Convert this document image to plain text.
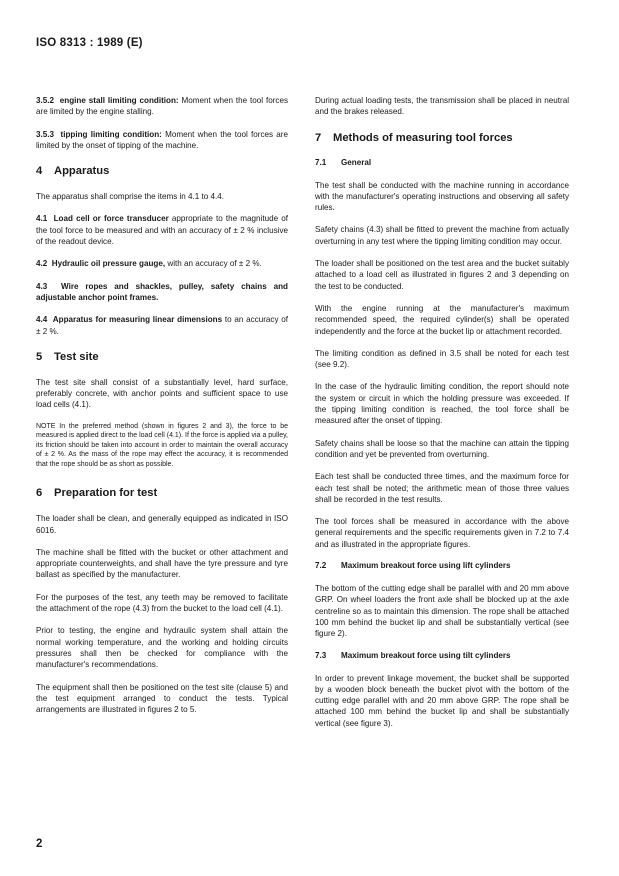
ISO 8313 : 1989 (E)

3.5.2 engine stall limiting condition: Moment when the tool forces are limited by the engine stalling.

3.5.3 tipping limiting condition: Moment when the tool forces are limited by the onset of tipping of the machine.

4 Apparatus

The apparatus shall comprise the items in 4.1 to 4.4.

4.1 Load cell or force transducer appropriate to the magnitude of the tool force to be measured and with an accuracy of ± 2 % inclusive of the readout device.

4.2 Hydraulic oil pressure gauge, with an accuracy of ± 2 %.

4.3 Wire ropes and shackles, pulley, safety chains and adjustable anchor point frames.

4.4 Apparatus for measuring linear dimensions to an accuracy of ± 2 %.

5 Test site

The test site shall consist of a substantially level, hard surface, preferably concrete, with anchor points and sufficient space to use load cells (4.1).

NOTE In the preferred method (shown in figures 2 and 3), the force to be measured is applied direct to the load cell (4.1). If the force is applied via a pulley, its friction should be taken into account in order to maintain the overall accuracy of ± 2 %. As the mass of the rope may effect the accuracy, it is recommended that the rope should be as short as possible.

6 Preparation for test

The loader shall be clean, and generally equipped as indicated in ISO 6016.

The machine shall be fitted with the bucket or other attachment and appropriate counterweights, and shall have the tyre pressure and tyre ballast as specified by the manufacturer.

For the purposes of the test, any teeth may be removed to facilitate the attachment of the rope (4.3) from the bucket to the load cell (4.1).

Prior to testing, the engine and hydraulic system shall attain the normal working temperature, and the working and holding circuits pressures shall then be checked for compliance with the manufacturer's recommendations.

The equipment shall then be positioned on the test site (clause 5) and the test equipment arranged to conduct the tests. Typical arrangements are illustrated in figures 2 to 5.

During actual loading tests, the transmission shall be placed in neutral and the brakes released.

7 Methods of measuring tool forces
7.1 General

The test shall be conducted with the machine running in accordance with the manufacturer's operating instructions and observing all safety rules.

Safety chains (4.3) shall be fitted to prevent the machine from actually overturning in any test where the tipping limiting condition may occur.

The loader shall be positioned on the test area and the bucket suitably attached to a load cell as illustrated in figures 2 and 3 depending on the test to be conducted.

With the engine running at the manufacturer's maximum recommended speed, the required cylinder(s) shall be operated independently and the force at the bucket lip or attachment recorded.

The limiting condition as defined in 3.5 shall be noted for each test (see 9.2).

In the case of the hydraulic limiting condition, the report should note the system or circuit in which the holding pressure was exceeded. If the tipping limiting condition is reached, the tool force shall be measured after the onset of tipping.

Safety chains shall be loose so that the machine can attain the tipping condition and yet be prevented from overturning.

Each test shall be conducted three times, and the maximum force for each test shall be noted; the arithmetic mean of those three values shall be recorded in the test results.

The tool forces shall be measured in accordance with the above general requirements and the specific requirements given in 7.2 to 7.4 and as illustrated in the appropriate figures.

7.2 Maximum breakout force using lift cylinders

The bottom of the cutting edge shall be parallel with and 20 mm above GRP. On wheel loaders the front axle shall be blocked up at the axle centreline so as to maintain this dimension. The rope shall be attached 100 mm behind the bucket lip and shall be substantially vertical (see figure 2).

7.3 Maximum breakout force using tilt cylinders

In order to prevent linkage movement, the bucket shall be supported by a wooden block beneath the bucket pivot with the bottom of the cutting edge parallel with and 20 mm above GRP. The rope shall be attached 100 mm behind the bucket lip and shall be substantially vertical (see figure 3).

2
